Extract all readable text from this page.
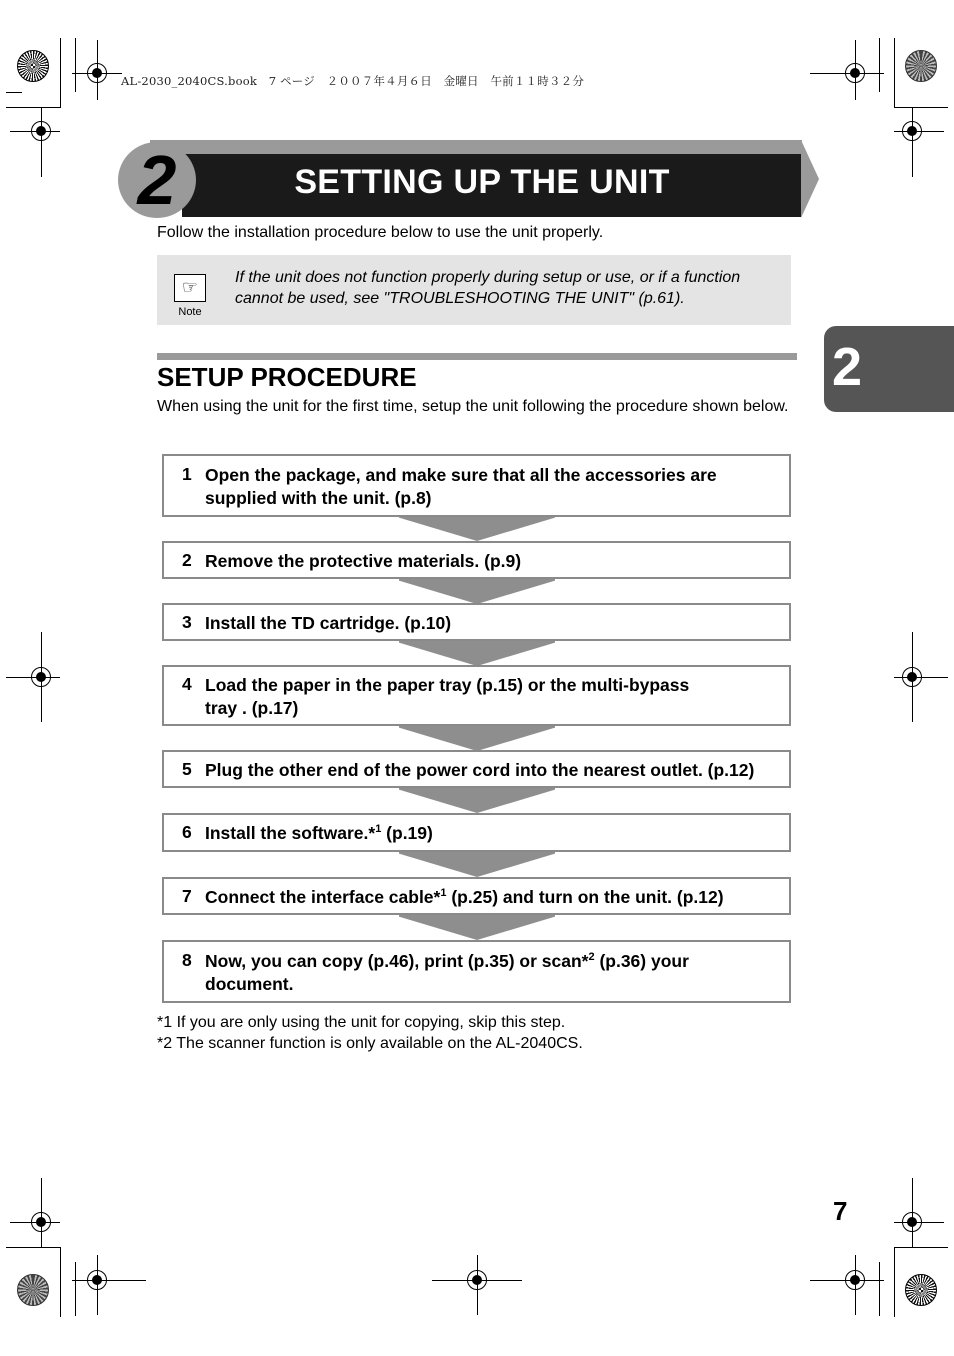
AL-2030_2040CS.book　7 ページ　２００７年４月６日　金曜日　午前１１時３２分
2	SETTING UP THE UNIT
Follow the installation procedure below to use the unit properly.
☞
Note
If the unit does not function properly during setup or use, or if a function
cannot be used, see "TROUBLESHOOTING THE UNIT" (p.61).
SETUP PROCEDURE
When using the unit for the first time, setup the unit following the procedure shown below.
1 Open the package, and make sure that all the accessories are
supplied with the unit. (p.8)
2 Remove the protective materials. (p.9)
3 Install the TD cartridge. (p.10)
4 Load the paper in the paper tray (p.15) or the multi-bypass
tray . (p.17)
5 Plug the other end of the power cord into the nearest outlet. (p.12)
6 Install the software.*$^1$ (p.19)
7 Connect the interface cable*$^1$ (p.25) and turn on the unit. (p.12)
8 Now, you can copy (p.46), print (p.35) or scan*$^2$ (p.36) your
document.
*1 If you are only using the unit for copying, skip this step.
*2 The scanner function is only available on the AL-2040CS.
2
7
